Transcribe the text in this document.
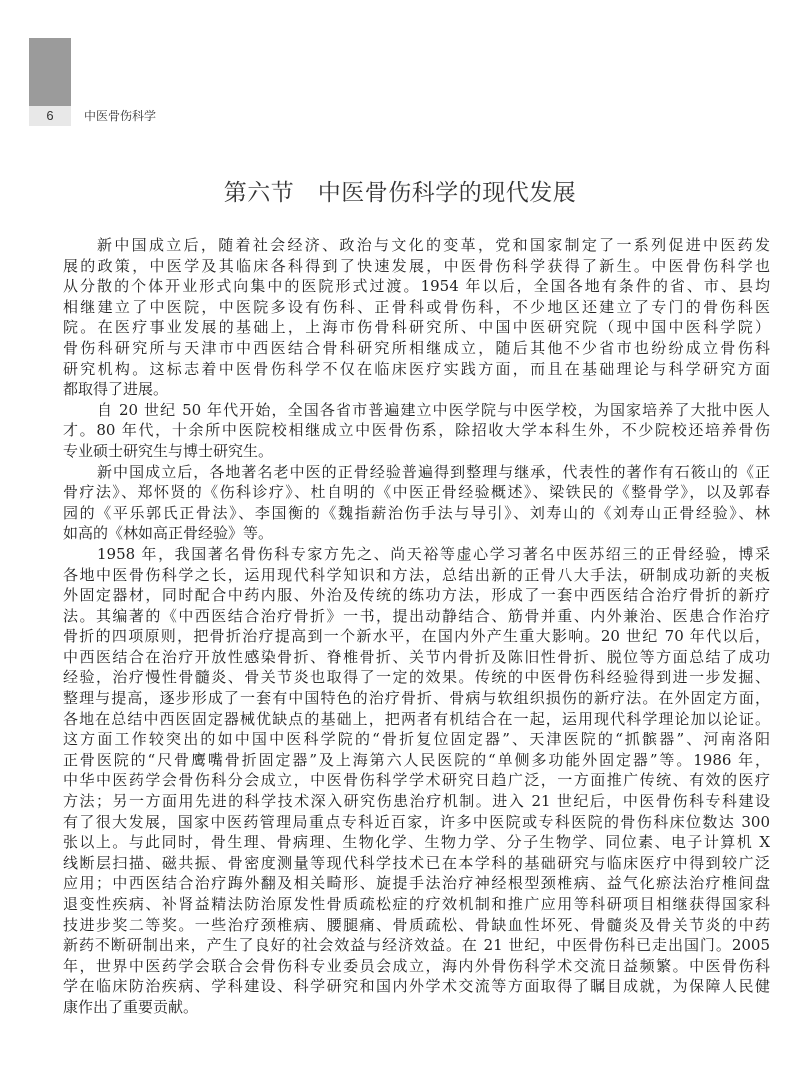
6	中医骨伤科学
第六节　中医骨伤科学的现代发展
新中国成立后，随着社会经济、政治与文化的变革，党和国家制定了一系列促进中医药发
展的政策，中医学及其临床各科得到了快速发展，中医骨伤科学获得了新生。中医骨伤科学也
从分散的个体开业形式向集中的医院形式过渡。1954 年以后，全国各地有条件的省、市、县均
相继建立了中医院，中医院多设有伤科、正骨科或骨伤科，不少地区还建立了专门的骨伤科医
院。在医疗事业发展的基础上，上海市伤骨科研究所、中国中医研究院（现中国中医科学院）
骨伤科研究所与天津市中西医结合骨科研究所相继成立，随后其他不少省市也纷纷成立骨伤科
研究机构。这标志着中医骨伤科学不仅在临床医疗实践方面，而且在基础理论与科学研究方面
都取得了进展。
自 20 世纪 50 年代开始，全国各省市普遍建立中医学院与中医学校，为国家培养了大批中医人
才。80 年代，十余所中医院校相继成立中医骨伤系，除招收大学本科生外，不少院校还培养骨伤
专业硕士研究生与博士研究生。
新中国成立后，各地著名老中医的正骨经验普遍得到整理与继承，代表性的著作有石筱山的《正
骨疗法》、郑怀贤的《伤科诊疗》、杜自明的《中医正骨经验概述》、梁铁民的《整骨学》，以及郭春
园的《平乐郭氏正骨法》、李国衡的《魏指薪治伤手法与导引》、刘寿山的《刘寿山正骨经验》、林
如高的《林如高正骨经验》等。
1958 年，我国著名骨伤科专家方先之、尚天裕等虚心学习著名中医苏绍三的正骨经验，博采
各地中医骨伤科学之长，运用现代科学知识和方法，总结出新的正骨八大手法，研制成功新的夹板
外固定器材，同时配合中药内服、外治及传统的练功方法，形成了一套中西医结合治疗骨折的新疗
法。其编著的《中西医结合治疗骨折》一书，提出动静结合、筋骨并重、内外兼治、医患合作治疗
骨折的四项原则，把骨折治疗提高到一个新水平，在国内外产生重大影响。20 世纪 70 年代以后，
中西医结合在治疗开放性感染骨折、脊椎骨折、关节内骨折及陈旧性骨折、脱位等方面总结了成功
经验，治疗慢性骨髓炎、骨关节炎也取得了一定的效果。传统的中医骨伤科经验得到进一步发掘、
整理与提高，逐步形成了一套有中国特色的治疗骨折、骨病与软组织损伤的新疗法。在外固定方面，
各地在总结中西医固定器械优缺点的基础上，把两者有机结合在一起，运用现代科学理论加以论证。
这方面工作较突出的如中国中医科学院的“骨折复位固定器”、天津医院的“抓髌器”、河南洛阳
正骨医院的“尺骨鹰嘴骨折固定器”及上海第六人民医院的“单侧多功能外固定器”等。1986 年，
中华中医药学会骨伤科分会成立，中医骨伤科学学术研究日趋广泛，一方面推广传统、有效的医疗
方法；另一方面用先进的科学技术深入研究伤患治疗机制。进入 21 世纪后，中医骨伤科专科建设
有了很大发展，国家中医药管理局重点专科近百家，许多中医院或专科医院的骨伤科床位数达 300
张以上。与此同时，骨生理、骨病理、生物化学、生物力学、分子生物学、同位素、电子计算机 X
线断层扫描、磁共振、骨密度测量等现代科学技术已在本学科的基础研究与临床医疗中得到较广泛
应用；中西医结合治疗踇外翻及相关畸形、旋提手法治疗神经根型颈椎病、益气化瘀法治疗椎间盘
退变性疾病、补肾益精法防治原发性骨质疏松症的疗效机制和推广应用等科研项目相继获得国家科
技进步奖二等奖。一些治疗颈椎病、腰腿痛、骨质疏松、骨缺血性坏死、骨髓炎及骨关节炎的中药
新药不断研制出来，产生了良好的社会效益与经济效益。在 21 世纪，中医骨伤科已走出国门。2005
年，世界中医药学会联合会骨伤科专业委员会成立，海内外骨伤科学术交流日益频繁。中医骨伤科
学在临床防治疾病、学科建设、科学研究和国内外学术交流等方面取得了瞩目成就，为保障人民健
康作出了重要贡献。
